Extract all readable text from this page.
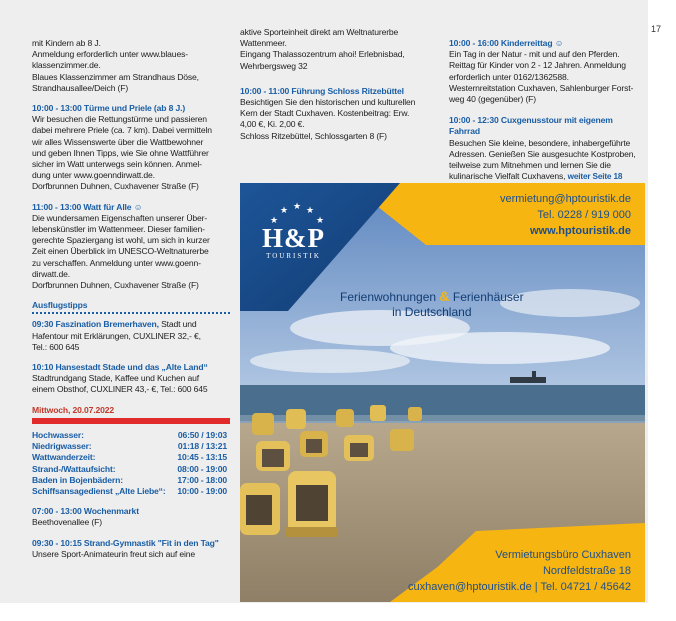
17

mit Kindern ab 8 J.

Anmeldung erforderlich unter www.blaues-

klassenzimmer.de.

Blaues Klassenzimmer am Strandhaus Döse,

Strandhausallee/Deich (F)

10:00 - 13:00 Türme und Priele (ab 8 J.)

Wir besuchen die Rettungstürme und passieren

dabei mehrere Priele (ca. 7 km). Dabei vermitteln

wir alles Wissenswerte über die Wattbewohner

und geben Ihnen Tipps, wie Sie ohne Wattführer

sicher im Watt unterwegs sein können. Anmel-

dung unter www.goenndirwatt.de.

Dorfbrunnen Duhnen, Cuxhavener Straße (F)

11:00 - 13:00 Watt für Alle ☺

Die wundersamen Eigenschaften unserer Über-

lebenskünstler im Wattenmeer. Dieser familien-

gerechte Spaziergang ist wohl, um sich in kurzer

Zeit einen Überblick im UNESCO-Weltnaturerbe

zu verschaffen. Anmeldung unter www.goenn-

dirwatt.de.

Dorfbrunnen Duhnen, Cuxhavener Straße (F)

Ausflugstipps

09:30 Faszination Bremerhaven, Stadt und

Hafentour mit Erklärungen, CUXLINER 32,- €,

Tel.: 600 645

10:10 Hansestadt Stade und das „Alte Land“

Stadtrundgang Stade, Kaffee und Kuchen auf

einem Obsthof, CUXLINER 43,- €, Tel.: 600 645

Mittwoch, 20.07.2022

Hochwasser:	06:50 / 19:03
Niedrigwasser:	01:18 / 13:21
Wattwanderzeit:	10:45 - 13:15
Strand-/Wattaufsicht:	08:00 - 19:00
Baden in Bojenbädern:	17:00 - 18:00
Schiffsansagedienst „Alte Liebe“:	10:00 - 19:00

07:00 - 13:00 Wochenmarkt

Beethovenallee (F)

09:30 - 10:15 Strand-Gymnastik "Fit in den Tag"

Unsere Sport-Animateurin freut sich auf eine

aktive Sporteinheit direkt am Weltnaturerbe

Wattenmeer.

Eingang Thalassozentrum ahoi! Erlebnisbad,

Wehrbergsweg 32

10:00 - 11:00 Führung Schloss Ritzebüttel

Besichtigen Sie den historischen und kulturellen

Kern der Stadt Cuxhaven. Kostenbeitrag: Erw.

4,00 €, Ki. 2,00 €.

Schloss Ritzebüttel, Schlossgarten 8 (F)

10:00 - 16:00 Kinderreittag ☺

Ein Tag in der Natur - mit und auf den Pferden.

Reittag für Kinder von 2 - 12 Jahren. Anmeldung

erforderlich unter 0162/1362588.

Westernreitstation Cuxhaven, Sahlenburger Forst-

weg 40 (gegenüber) (F)

10:00 - 12:30 Cuxgenusstour mit eigenem Fahrrad

Besuchen Sie kleine, besondere, inhabergeführte

Adressen. Genießen Sie ausgesuchte Kostproben,

teilweise zum Mitnehmen und lernen Sie die

kulinarische Vielfalt Cuxhavens, weiter Seite 18

★
★ ★ ★
★
H&P
TOURISTIK
vermietung@hptouristik.de
Tel. 0228 / 919 000
www.hptouristik.de
Ferienwohnungen & Ferienhäuser
in Deutschland
Vermietungsbüro Cuxhaven
Nordfeldstraße 18
cuxhaven@hptouristik.de | Tel. 04721 / 45642
